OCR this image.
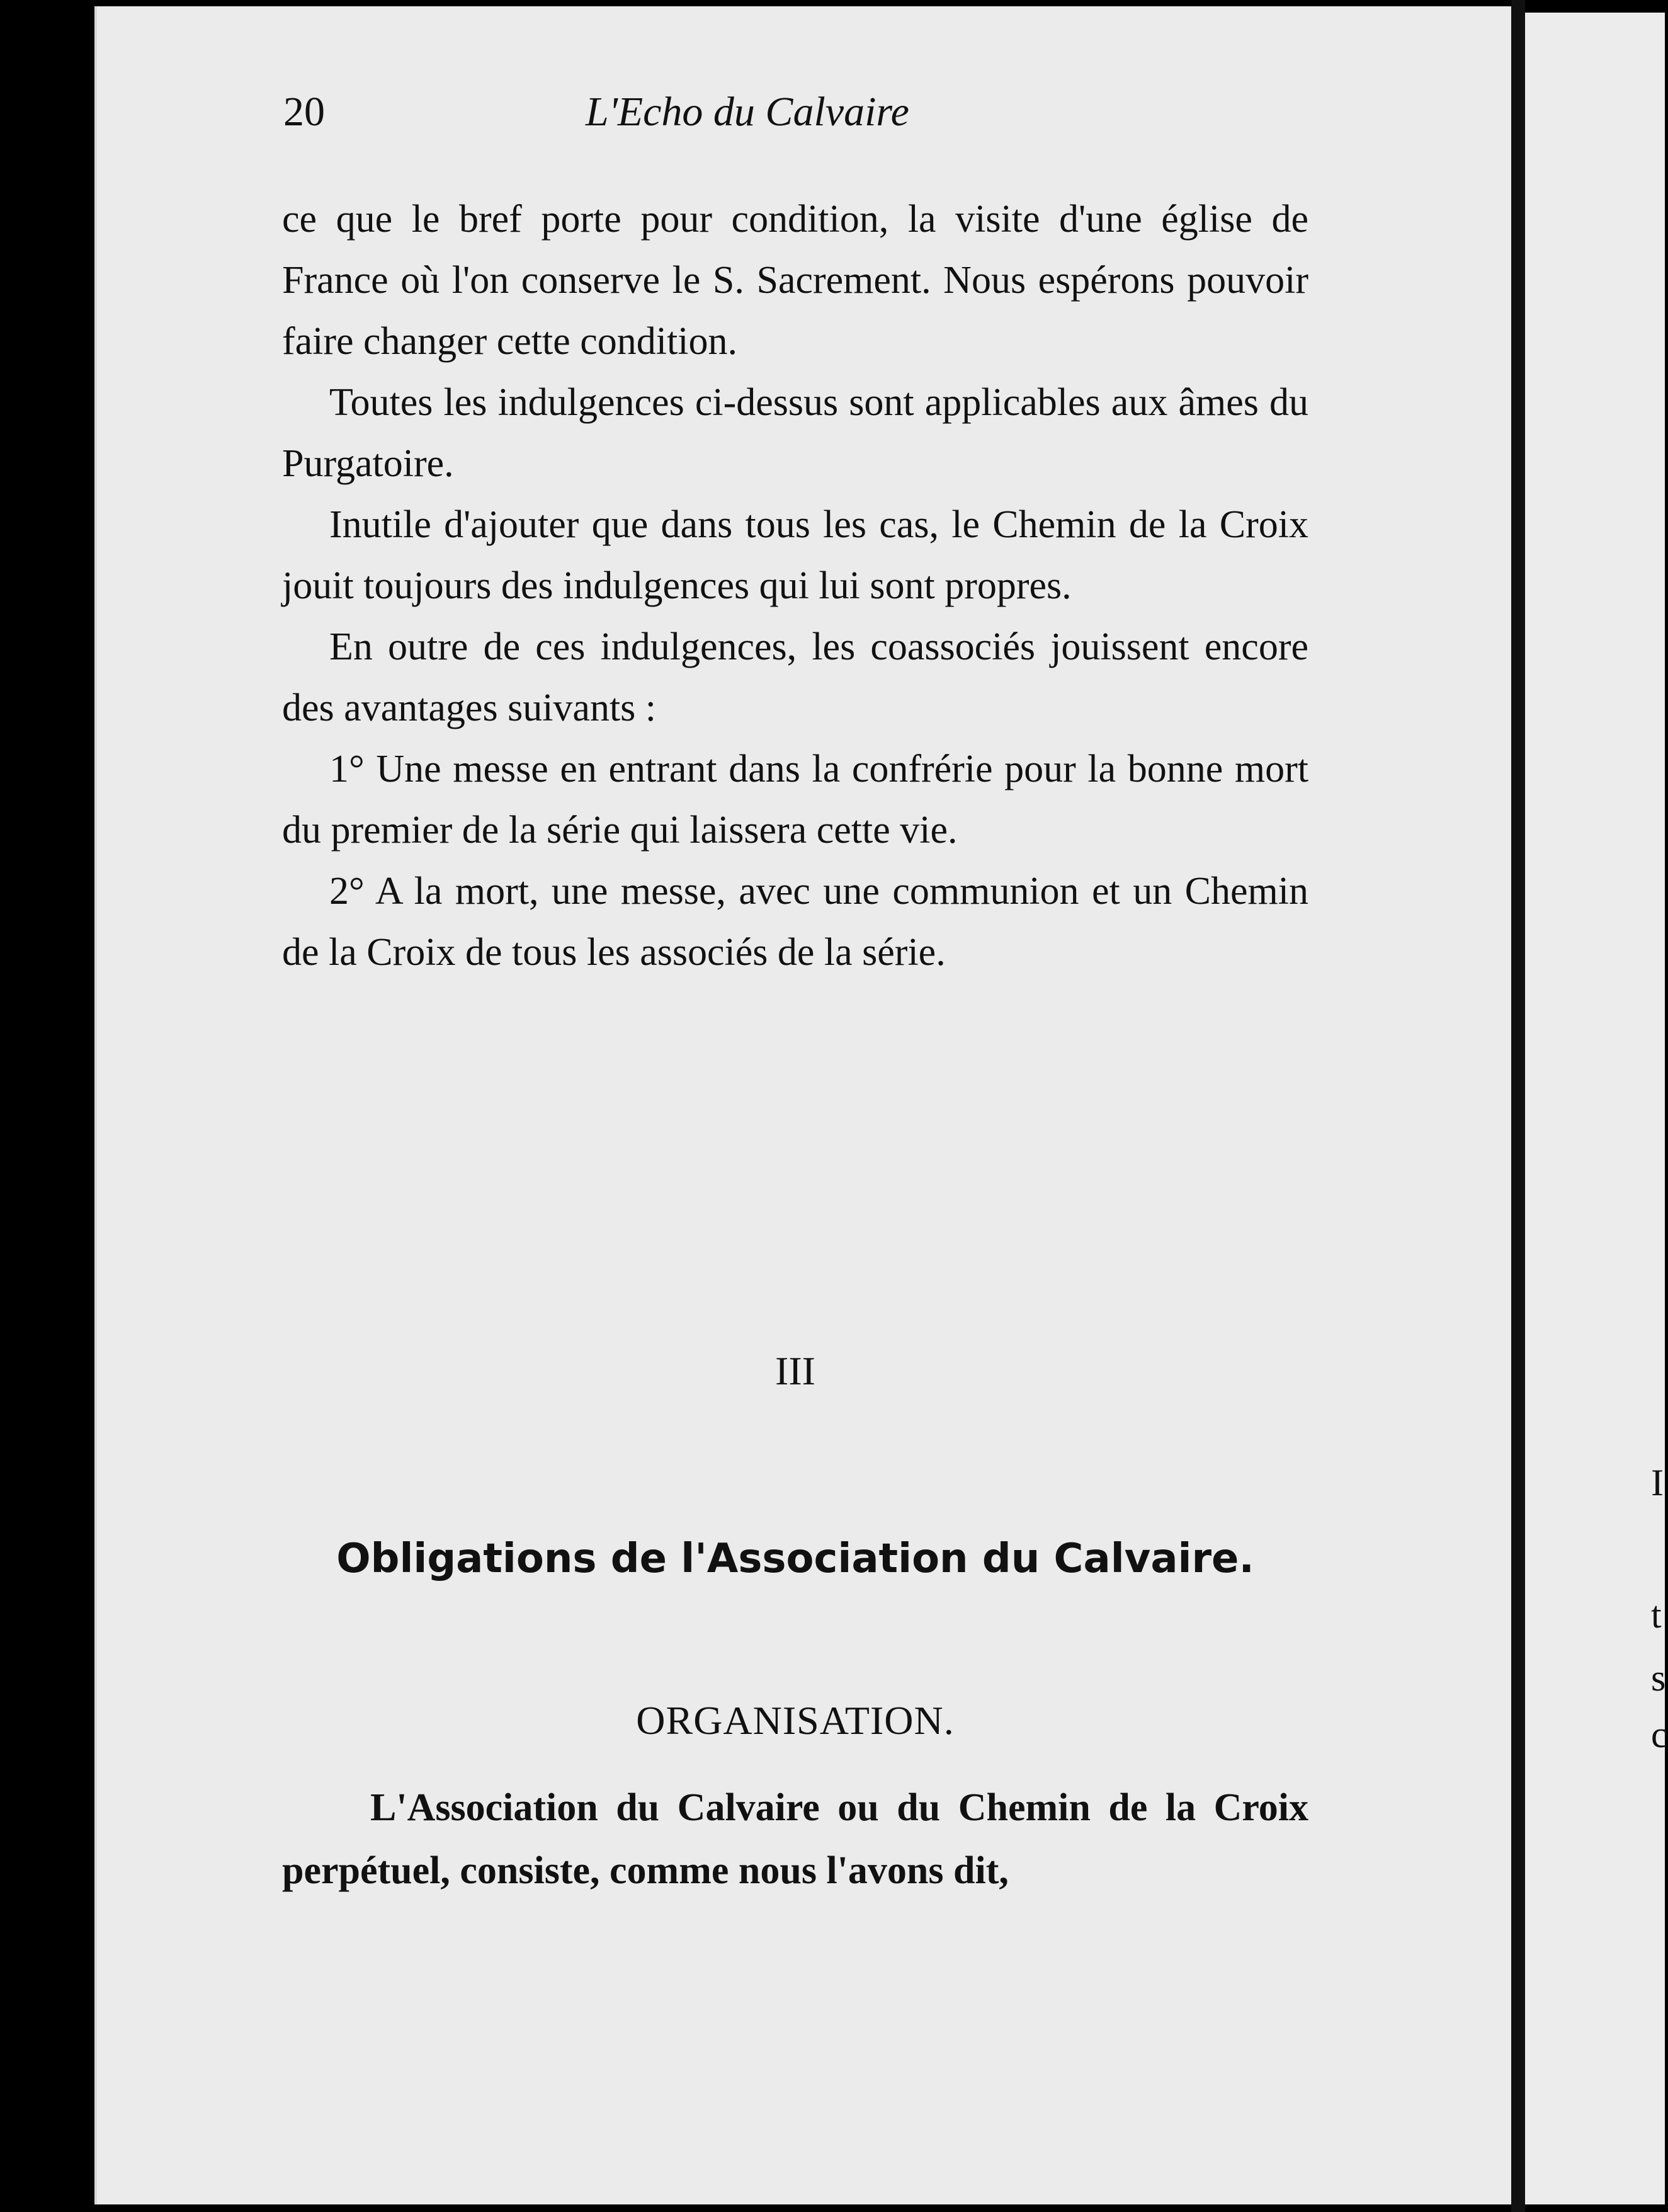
I
t
s
c
20	L'Echo du Calvaire

ce que le bref porte pour condition, la visite d'une église de France où l'on conserve le S. Sacrement. Nous espérons pouvoir faire changer cette condition.

Toutes les indulgences ci-dessus sont applicables aux âmes du Purgatoire.

Inutile d'ajouter que dans tous les cas, le Chemin de la Croix jouit toujours des indulgences qui lui sont propres.

En outre de ces indulgences, les coassociés jouissent encore des avantages suivants :

1° Une messe en entrant dans la confrérie pour la bonne mort du premier de la série qui laissera cette vie.

2° A la mort, une messe, avec une communion et un Chemin de la Croix de tous les associés de la série.

III
Obligations de l'Association du Calvaire.
ORGANISATION.

L'Association du Calvaire ou du Chemin de la Croix perpétuel, consiste, comme nous l'avons dit,
